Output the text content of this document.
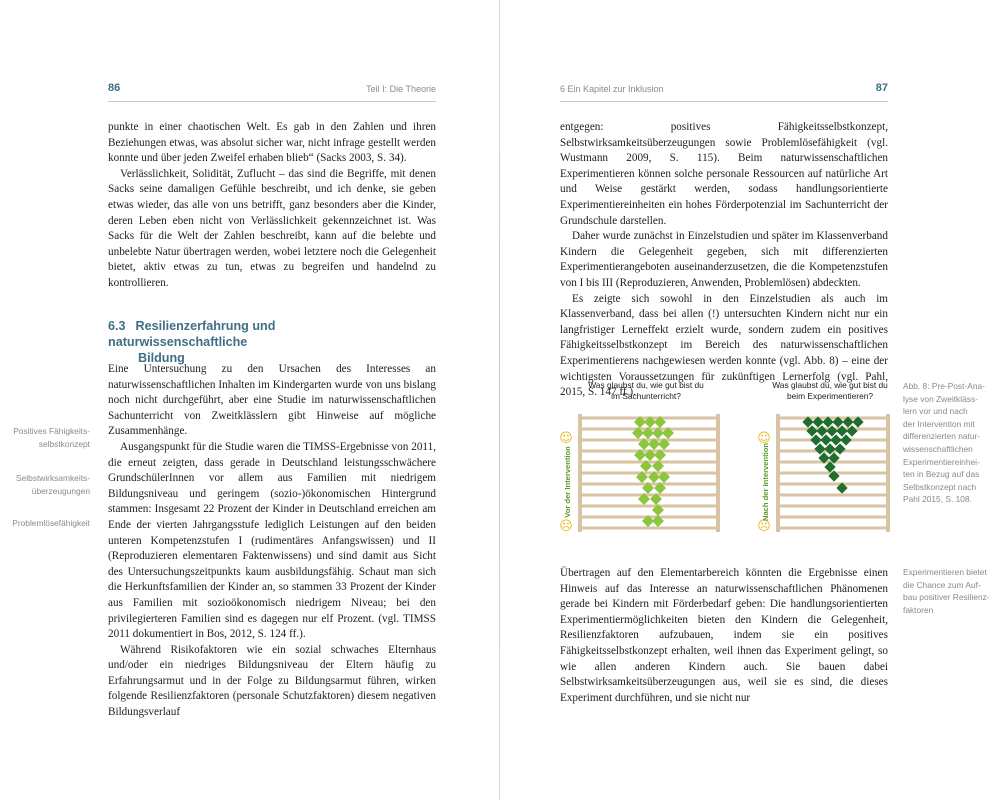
86	Teil I: Die Theorie

punkte in einer chaotischen Welt. Es gab in den Zahlen und ihren Beziehungen etwas, was absolut sicher war, nicht infrage gestellt werden konnte und über jeden Zweifel erhaben blieb“ (Sacks 2003, S. 34).

Verlässlichkeit, Solidität, Zuflucht – das sind die Begriffe, mit denen Sacks seine damaligen Gefühle beschreibt, und ich denke, sie geben etwas wieder, das alle von uns betrifft, ganz besonders aber die Kinder, deren Leben eben nicht von Verlässlichkeit gekennzeichnet ist. Was Sacks für die Welt der Zahlen beschreibt, kann auf die belebte und unbelebte Natur übertragen werden, wobei letztere noch die Gelegenheit bietet, aktiv etwas zu tun, etwas zu begreifen und handelnd zu kontrollieren.

6.3 Resilienzerfahrung und naturwissenschaftliche
Bildung

Eine Untersuchung zu den Ursachen des Interesses an naturwissenschaftlichen Inhalten im Kindergarten wurde von uns bislang noch nicht durchgeführt, aber eine Studie im naturwissenschaftlichen Sachunterricht von Zweitklässlern gibt Hinweise auf mögliche Zusammenhänge.

Ausgangspunkt für die Studie waren die TIMSS-Ergebnisse von 2011, die erneut zeigten, dass gerade in Deutschland leistungsschwächere GrundschülerInnen vor allem aus Familien mit niedrigem Bildungsniveau und geringem (sozio-)ökonomischen Hintergrund stammen: Insgesamt 22 Prozent der Kinder in Deutschland erreichen am Ende der vierten Jahrgangsstufe lediglich Leistungen auf den beiden unteren Kompetenzstufen I (rudimentäres Anfangswissen) und II (Reproduzieren elementaren Faktenwissens) und sind damit aus Sicht des Untersuchungszeitpunkts kaum ausbildungsfähig. Schaut man sich die Herkunftsfamilien der Kinder an, so stammen 33 Prozent der Kinder aus Familien mit sozioökonomisch niedrigem Niveau; bei den privilegierteren Familien sind es dagegen nur elf Prozent. (vgl. TIMSS 2011 dokumentiert in Bos, 2012, S. 124 ff.).

Während Risikofaktoren wie ein sozial schwaches Elternhaus und/oder ein niedriges Bildungsniveau der Eltern häufig zu Erfahrungsarmut und in der Folge zu Bildungsarmut führen, wirken folgende Resilienzfaktoren (personale Schutzfaktoren) diesem negativen Bildungsverlauf

Positives Fähigkeits-
selbstkonzept
Selbstwirksamkeits-
überzeugungen
Problemlösefähigkeit
6 Ein Kapitel zur Inklusion	87

entgegen: positives Fähigkeitsselbstkonzept, Selbstwirksamkeitsüberzeugungen sowie Problemlösefähigkeit (vgl. Wustmann 2009, S. 115). Beim naturwissenschaftlichen Experimentieren können solche personale Ressourcen auf natürliche Art und Weise gestärkt werden, sodass handlungsorientierte Experimentiereinheiten ein hohes Förderpotenzial im Sachunterricht der Grundschule darstellen.

Daher wurde zunächst in Einzelstudien und später im Klassenverband Kindern die Gelegenheit gegeben, sich mit differenzierten Experimentierangeboten auseinanderzusetzen, die die Kompetenzstufen von I bis III (Reproduzieren, Anwenden, Problemlösen) abdeckten.

Es zeigte sich sowohl in den Einzelstudien als auch im Klassenverband, dass bei allen (!) untersuchten Kindern nicht nur ein langfristiger Lerneffekt erzielt wurde, sondern zudem ein positives Fähigkeitsselbstkonzept im Bereich des naturwissenschaftlichen Experimentierens nachgewiesen werden konnte (vgl. Abb. 8) – eine der wichtigsten Voraussetzungen für zukünftigen Lernerfolg (vgl. Pahl, 2015, S. 147 ff.).

Was glaubst du, wie gut bist du
im Sachunterricht?
☺
☹
Vor der Intervention
Was glaubst du, wie gut bist du
beim Experimentieren?
☺
☹
Nach der Intervention
Abb. 8: Pre-Post-Ana-
lyse von Zweitkläss-
lern vor und nach
der Intervention mit
differenzierten natur-
wissenschaftlichen
Experimentiereinhei-
ten in Bezug auf das
Selbstkonzept nach
Pahl 2015, S. 108.

Übertragen auf den Elementarbereich könnten die Ergebnisse einen Hinweis auf das Interesse an naturwissenschaftlichen Phänomenen gerade bei Kindern mit Förderbedarf geben: Die handlungsorientierten Experimentiermöglichkeiten bieten den Kindern die Gelegenheit, Resilienzfaktoren aufzubauen, indem sie ein positives Fähigkeitsselbstkonzept erhalten, weil ihnen das Experiment gelingt, so wie allen anderen Kindern auch. Sie bauen dabei Selbstwirksamkeitsüberzeugungen aus, weil sie es sind, die dieses Experiment durchführen, und sie nicht nur

Experimentieren bietet
die Chance zum Auf-
bau positiver Resilienz-
faktoren
